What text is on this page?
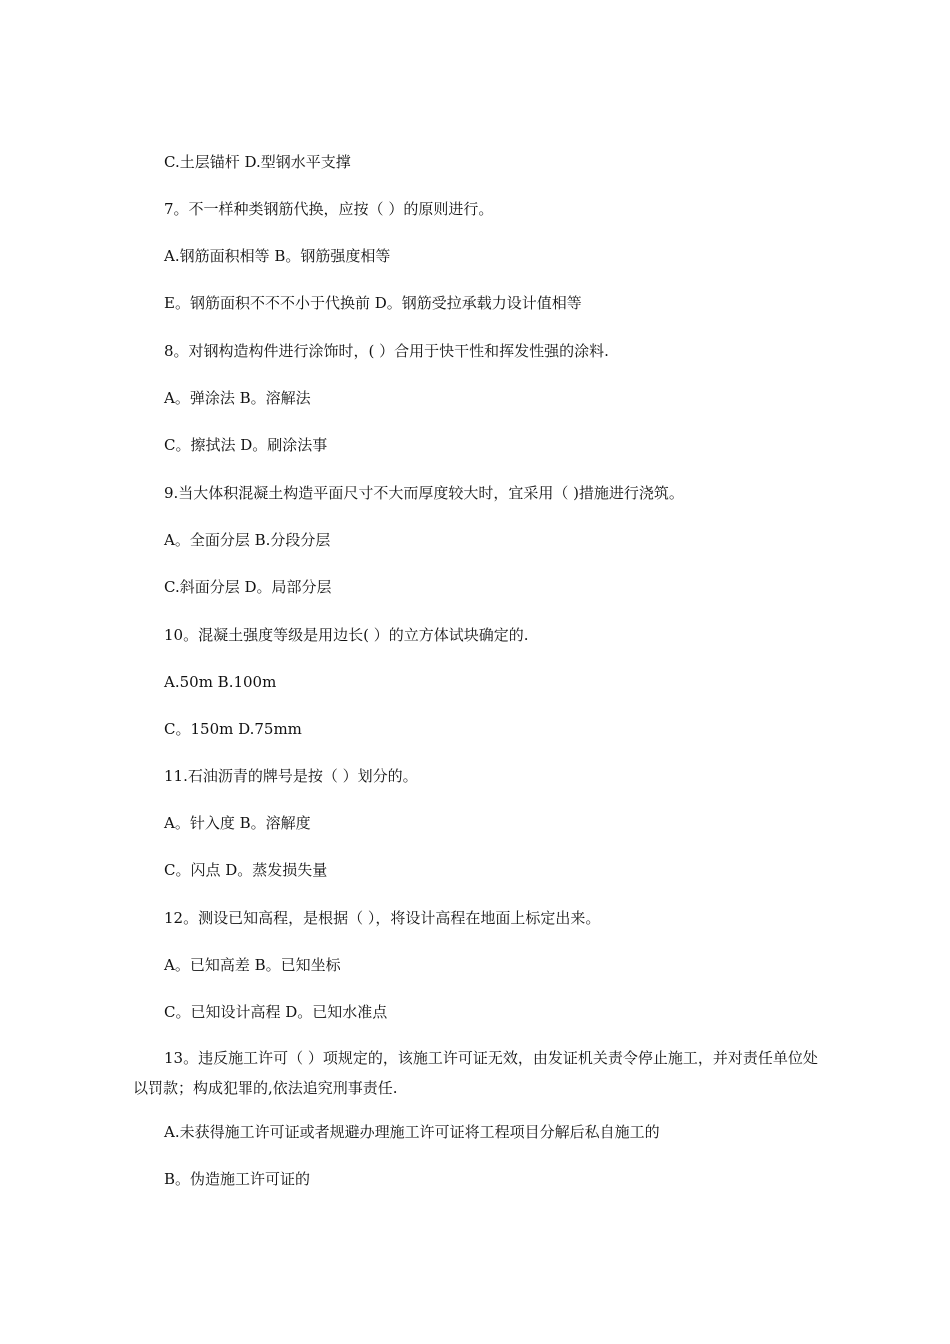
C.土层锚杆 D.型钢水平支撑
7。不一样种类钢筋代换，应按（ ）的原则进行。
A.钢筋面积相等 B。钢筋强度相等
E。钢筋面积不不不小于代换前 D。钢筋受拉承载力设计值相等
8。对钢构造构件进行涂饰时，( ）合用于快干性和挥发性强的涂料.
A。弹涂法 B。溶解法
C。擦拭法 D。刷涂法事
9.当大体积混凝土构造平面尺寸不大而厚度较大时，宜采用（ )措施进行浇筑。
A。全面分层 B.分段分层
C.斜面分层 D。局部分层
10。混凝土强度等级是用边长( ）的立方体试块确定的.
A.50m B.100m
C。150m D.75mm
11.石油沥青的牌号是按（ ）划分的。
A。针入度 B。溶解度
C。闪点 D。蒸发损失量
12。测设已知高程，是根据（ ），将设计高程在地面上标定出来。
A。已知高差 B。已知坐标
C。已知设计高程 D。已知水准点
13。违反施工许可（ ）项规定的，该施工许可证无效，由发证机关责令停止施工，并对责任单位处以罚款；构成犯罪的,依法追究刑事责任.
A.未获得施工许可证或者规避办理施工许可证将工程项目分解后私自施工的
B。伪造施工许可证的
